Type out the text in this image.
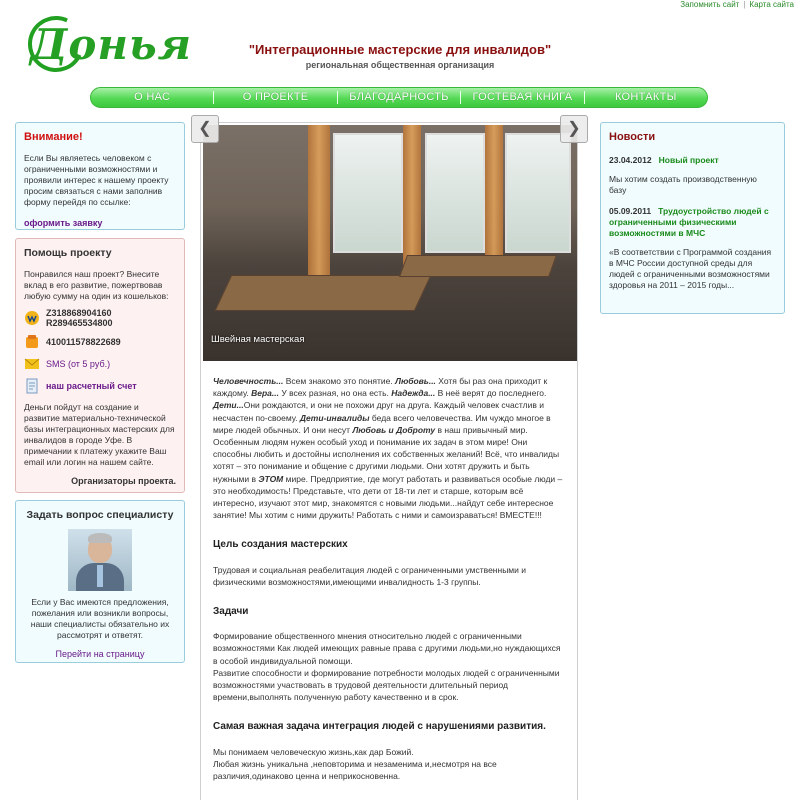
Запомнить сайт | Карта сайта
Донья	"Интеграционные мастерские для инвалидов"
региональная общественная организация
О НАС	О ПРОЕКТЕ	БЛАГОДАРНОСТЬ	ГОСТЕВАЯ КНИГА	КОНТАКТЫ
Внимание!
Если Вы являетесь человеком с ограниченными возможностями и проявили интерес к нашему проекту просим связаться с нами заполнив форму перейдя по ссылке:
оформить заявку
Помощь проекту
Понравился наш проект? Внесите вклад в его развитие, пожертвовав любую сумму на один из кошельков:
Z318868904160
R289465534800
410011578822689
SMS (от 5 руб.)
наш расчетный счет
Деньги пойдут на создание и развитие материально-технической базы интеграционных мастерских для инвалидов в городе Уфе. В примечании к платежу укажите Ваш email или логин на нашем сайте.
Организаторы проекта.
Задать вопрос специалисту
Если у Вас имеются предложения, пожелания или возникли вопросы, наши специалисты обязательно их рассмотрят и ответят.
Перейти на страницу
Швейная мастерская

Человечность... Всем знакомо это понятие. Любовь... Хотя бы раз она приходит к каждому. Вера... У всех разная, но она есть. Надежда... В неё верят до последнего. Дети...Они рождаются, и они не похожи друг на друга. Каждый человек счастлив и несчастен по-своему. Дети-инвалиды беда всего человечества. Им чуждо многое в мире людей обычных. И они несут Любовь и Доброту в наш привычный мир. Особенным людям нужен особый уход и понимание их задач в этом мире! Они способны любить и достойны исполнения их собственных желаний! Всё, что инвалиды хотят – это понимание и общение с другими людьми. Они хотят дружить и быть нужными в ЭТОМ мире. Предприятие, где могут работать и развиваться особые люди – это необходимость! Представьте, что дети от 18-ти лет и старше, которым всё интересно, изучают этот мир, знакомятся с новыми людьми...найдут себе интересное занятие! Мы хотим с ними дружить! Работать с ними и самоизраваться! ВМЕСТЕ!!!

Цель создания мастерских

Трудовая и социальная реабелитация людей с ограниченными умственными и физическими возможностями,имеющими инвалидность 1-3 группы.

Задачи

Формирование общественного мнения относительно людей с ограниченными возможностями Как людей имеющих равные права с другими людьми,но нуждающихся в особой индивидуальной помощи.

Развитие способности и формирование потребности молодых людей с ограниченными возможностями участвовать в трудовой деятельности длительный период времени,выполнять полученную работу качественно и в срок.

Самая важная задача интеграция людей с нарушениями развития.

Мы понимаем человеческую жизнь,как дар Божий.

Любая жизнь уникальна ,неповторима и незаменима и,несмотря на все различия,одинаково ценна и неприкосновенна.

❮	❯	Новости
23.04.2012 Новый проект
Мы хотим создать производственную базу
05.09.2011 Трудоустройство людей с ограниченными физическими возможностями в МЧС
«В соответствии с Программой создания в МЧС России доступной среды для людей с ограниченными возможностями здоровья на 2011 – 2015 годы...
